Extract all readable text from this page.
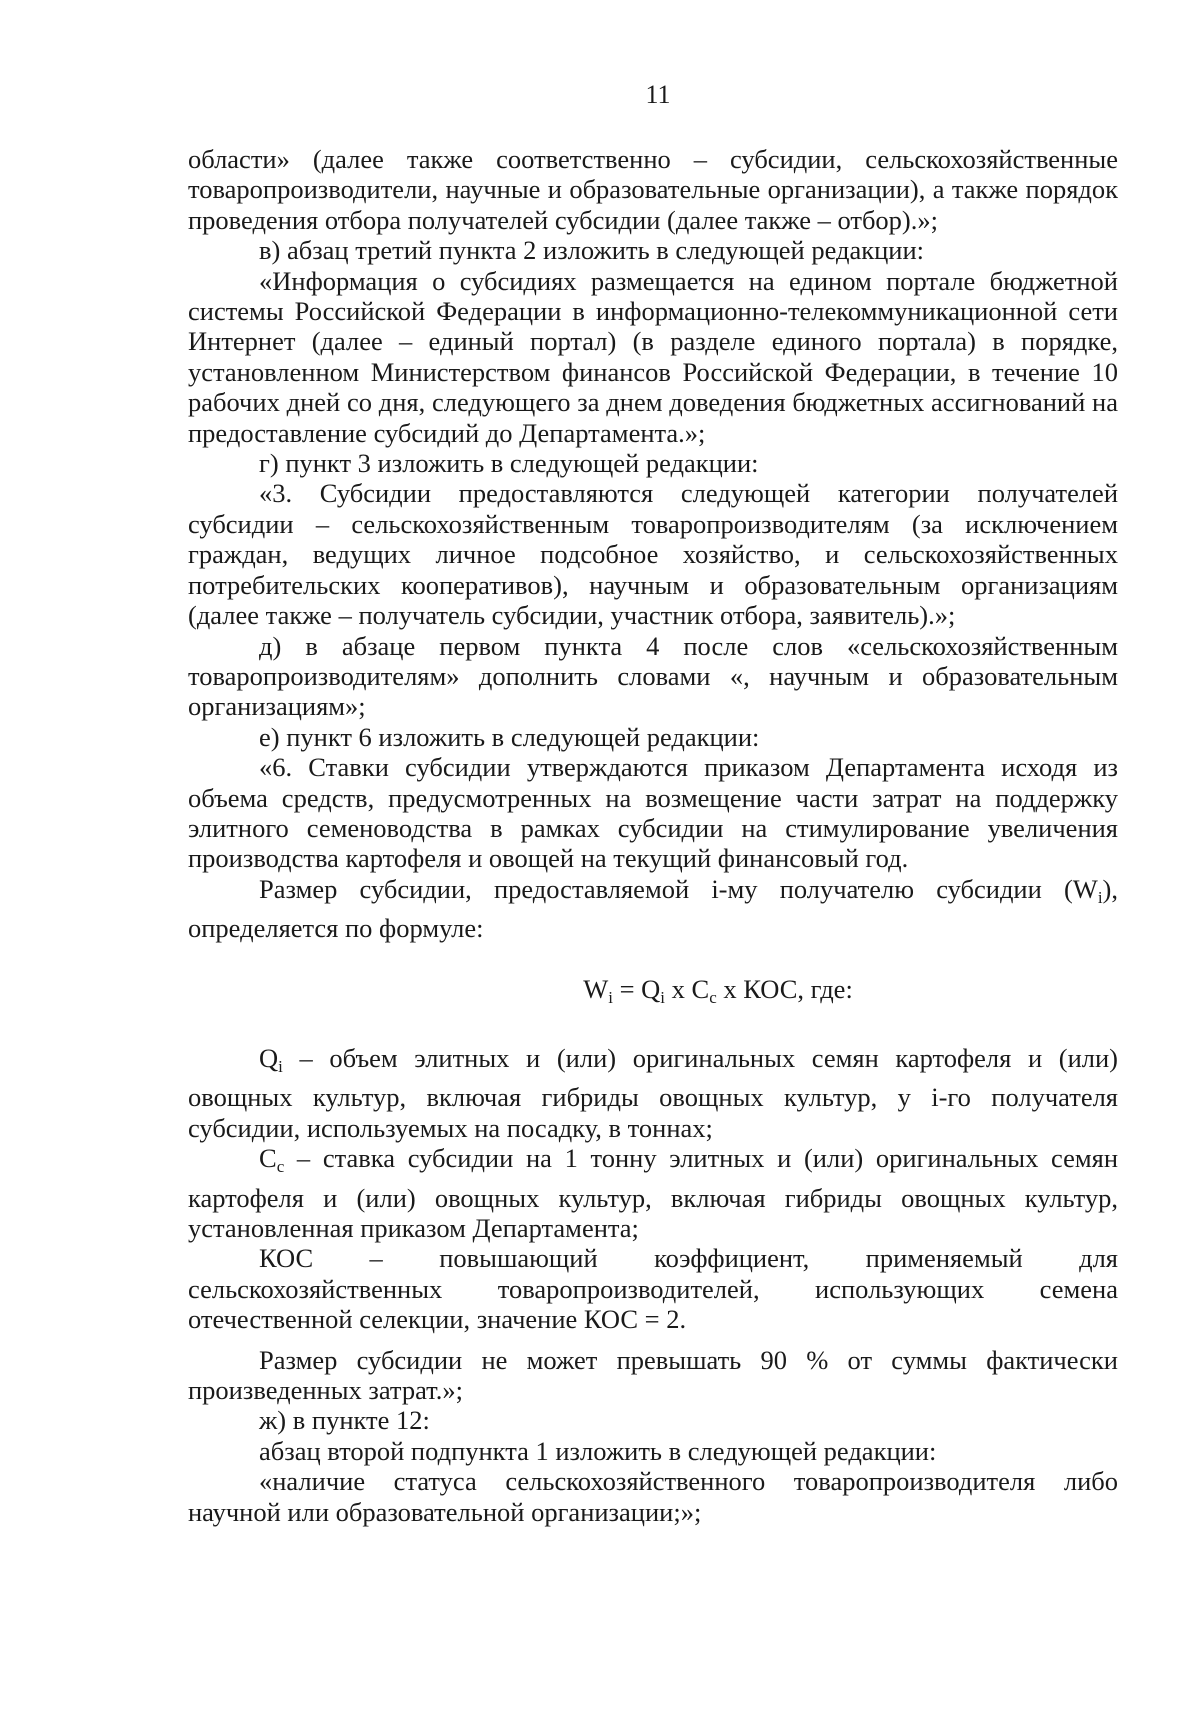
11

области» (далее также соответственно – субсидии, сельскохозяйственные товаропроизводители, научные и образовательные организации), а также порядок проведения отбора получателей субсидии (далее также – отбор).»;

в) абзац третий пункта 2 изложить в следующей редакции:

«Информация о субсидиях размещается на едином портале бюджетной системы Российской Федерации в информационно-телекоммуникационной сети Интернет (далее – единый портал) (в разделе единого портала) в порядке, установленном Министерством финансов Российской Федерации, в течение 10 рабочих дней со дня, следующего за днем доведения бюджетных ассигнований на предоставление субсидий до Департамента.»;

г) пункт 3 изложить в следующей редакции:

«3. Субсидии предоставляются следующей категории получателей субсидии – сельскохозяйственным товаропроизводителям (за исключением граждан, ведущих личное подсобное хозяйство, и сельскохозяйственных потребительских кооперативов), научным и образовательным организациям (далее также – получатель субсидии, участник отбора, заявитель).»;

д) в абзаце первом пункта 4 после слов «сельскохозяйственным товаропроизводителям» дополнить словами «, научным и образовательным организациям»;

е) пункт 6 изложить в следующей редакции:

«6. Ставки субсидии утверждаются приказом Департамента исходя из объема средств, предусмотренных на возмещение части затрат на поддержку элитного семеноводства в рамках субсидии на стимулирование увеличения производства картофеля и овощей на текущий финансовый год.

Размер субсидии, предоставляемой i-му получателю субсидии $(W_i)$, определяется по формуле:

$W_i = Q_i$ x $C_c$ x КОС, где:

$Q_i$ – объем элитных и (или) оригинальных семян картофеля и (или) овощных культур, включая гибриды овощных культур, у i-го получателя субсидии, используемых на посадку, в тоннах;

$C_c$ – ставка субсидии на 1 тонну элитных и (или) оригинальных семян картофеля и (или) овощных культур, включая гибриды овощных культур, установленная приказом Департамента;

КОС – повышающий коэффициент, применяемый для сельскохозяйственных товаропроизводителей, использующих семена отечественной селекции, значение КОС = 2.

Размер субсидии не может превышать 90 % от суммы фактически произведенных затрат.»;

ж) в пункте 12:

абзац второй подпункта 1 изложить в следующей редакции:

«наличие статуса сельскохозяйственного товаропроизводителя либо научной или образовательной организации;»;
